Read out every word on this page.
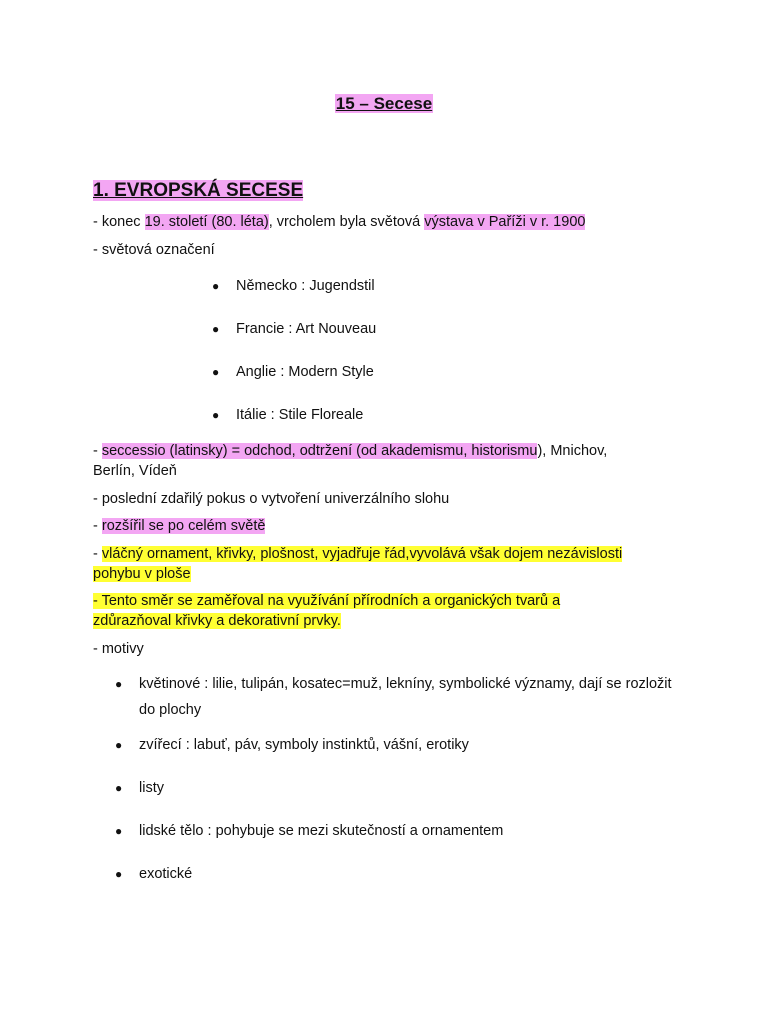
15 – Secese
1. EVROPSKÁ SECESE
- konec 19. století (80. léta), vrcholem byla světová výstava v Paříži v r. 1900
- světová označení
● Německo : Jugendstil
● Francie : Art Nouveau
● Anglie : Modern Style
● Itálie : Stile Floreale
- seccessio (latinsky) = odchod, odtržení (od akademismu, historismu), Mnichov,
Berlín, Vídeň
- poslední zdařilý pokus o vytvoření univerzálního slohu
- rozšířil se po celém světě
- vláčný ornament, křivky, plošnost, vyjadřuje řád,vyvolává však dojem nezávislosti
pohybu v ploše
- Tento směr se zaměřoval na využívání přírodních a organických tvarů a
zdůrazňoval křivky a dekorativní prvky.
- motivy
●	květinové : lilie, tulipán, kosatec=muž, lekníny, symbolické významy, dají se rozložit do plochy
●	zvířecí : labuť, páv, symboly instinktů, vášní, erotiky
●	listy
●	lidské tělo : pohybuje se mezi skutečností a ornamentem
●	exotické
